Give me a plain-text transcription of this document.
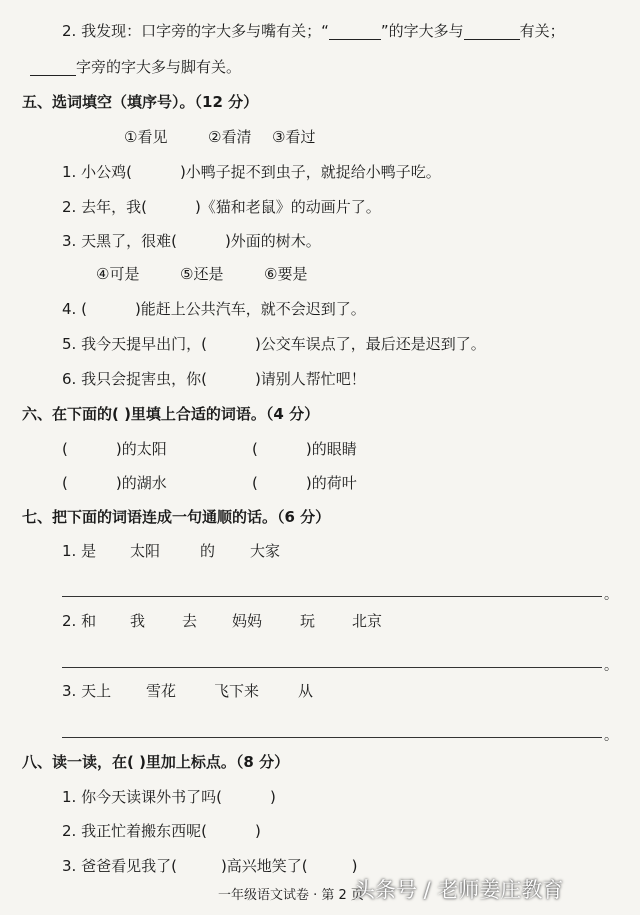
2. 我发现：口字旁的字大多与嘴有关；“	”的字大多与	有关；
字旁的字大多与脚有关。
五、选词填空（填序号）。（12 分）
①看见	②看清 ③看过
1. 小公鸡(	)小鸭子捉不到虫子，就捉给小鸭子吃。
2. 去年，我(	)《猫和老鼠》的动画片了。
3. 天黑了，很难(	)外面的树木。
④可是	⑤还是	⑥要是
4. (	)能赶上公共汽车，就不会迟到了。
5. 我今天提早出门，(	)公交车误点了，最后还是迟到了。
6. 我只会捉害虫，你(	)请别人帮忙吧！
六、在下面的( )里填上合适的词语。（4 分）
(	)的太阳	(	)的眼睛
(	)的湖水	(	)的荷叶
七、把下面的词语连成一句通顺的话。（6 分）
1. 是 太阳	的 大家
。
2. 和 我 去 妈妈	玩 北京
。
3. 天上 雪花	飞下来	从
。
八、读一读，在( )里加上标点。（8 分）
1. 你今天读课外书了吗(	)
2. 我正忙着搬东西呢(	)
3. 爸爸看见我了(	)高兴地笑了(	)
一年级语文试卷 · 第 2 页
头条号 / 老师姜庄教育
